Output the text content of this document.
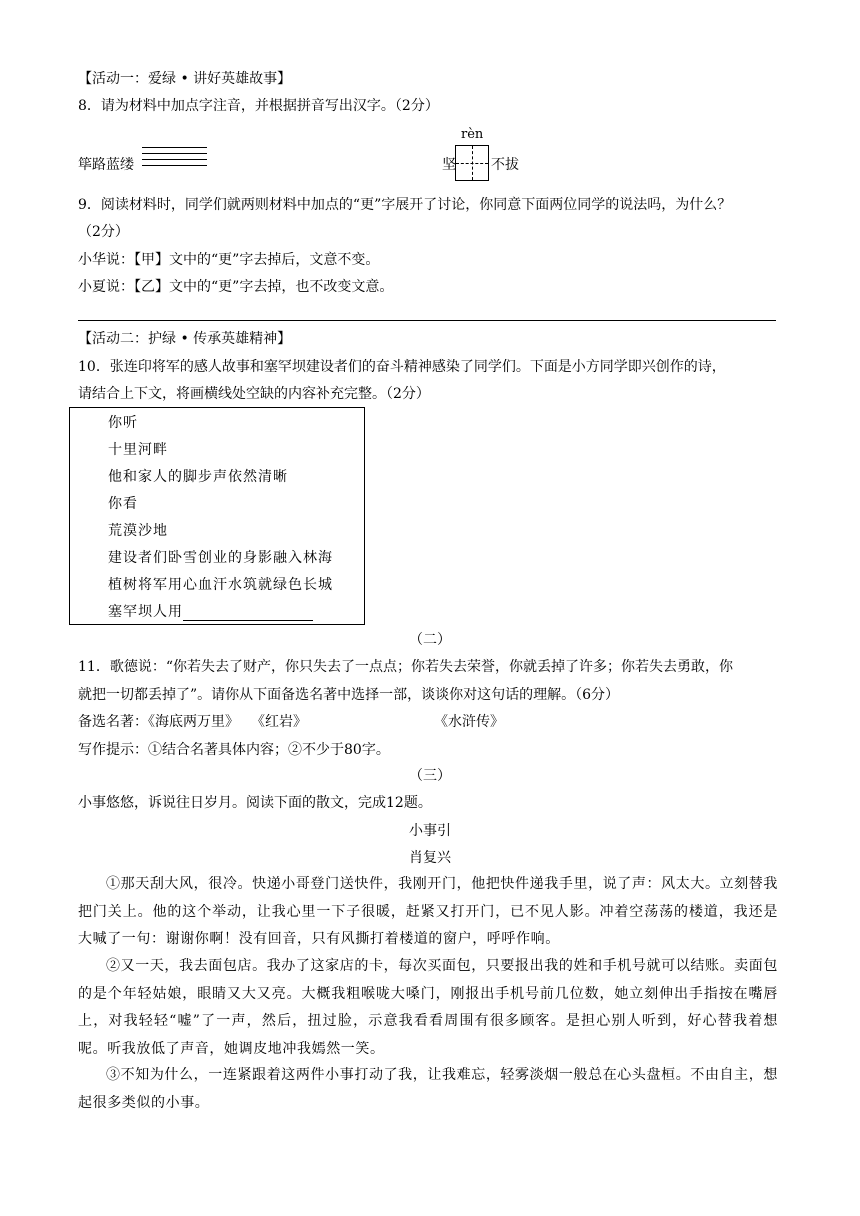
【活动一：爱绿 • 讲好英雄故事】
8．请为材料中加点字注音，并根据拼音写出汉字。（2分）
筚路蓝缕
rèn
坚	不拔
9．阅读材料时，同学们就两则材料中加点的“更”字展开了讨论，你同意下面两位同学的说法吗，为什么？
（2分）
小华说：【甲】文中的“更”字去掉后，文意不变。
小夏说：【乙】文中的“更”字去掉，也不改变文意。
【活动二：护绿 • 传承英雄精神】
10．张连印将军的感人故事和塞罕坝建设者们的奋斗精神感染了同学们。下面是小方同学即兴创作的诗，
请结合上下文，将画横线处空缺的内容补充完整。（2分）
你听
十里河畔
他和家人的脚步声依然清晰
你看
荒漠沙地
建设者们卧雪创业的身影融入林海
植树将军用心血汗水筑就绿色长城
塞罕坝人用
（二）
11．歌德说：“你若失去了财产，你只失去了一点点；你若失去荣誉，你就丢掉了许多；你若失去勇敢，你
就把一切都丢掉了”。请你从下面备选名著中选择一部，谈谈你对这句话的理解。（6分）
备选名著：《海底两万里》 《红岩》	《水浒传》
写作提示：①结合名著具体内容；②不少于80字。
（三）
小事悠悠，诉说往日岁月。阅读下面的散文，完成12题。
小事引
肖复兴
①那天刮大风，很冷。快递小哥登门送快件，我刚开门，他把快件递我手里，说了声：风太大。立刻替我把门关上。他的这个举动，让我心里一下子很暖，赶紧又打开门，已不见人影。冲着空荡荡的楼道，我还是大喊了一句：谢谢你啊！没有回音，只有风撕打着楼道的窗户，呼呼作响。
②又一天，我去面包店。我办了这家店的卡，每次买面包，只要报出我的姓和手机号就可以结账。卖面包的是个年轻姑娘，眼睛又大又亮。大概我粗喉咙大嗓门，刚报出手机号前几位数，她立刻伸出手指按在嘴唇上，对我轻轻“嘘”了一声，然后，扭过脸，示意我看看周围有很多顾客。是担心别人听到，好心替我着想呢。听我放低了声音，她调皮地冲我嫣然一笑。
③不知为什么，一连紧跟着这两件小事打动了我，让我难忘，轻雾淡烟一般总在心头盘桓。不由自主，想起很多类似的小事。
